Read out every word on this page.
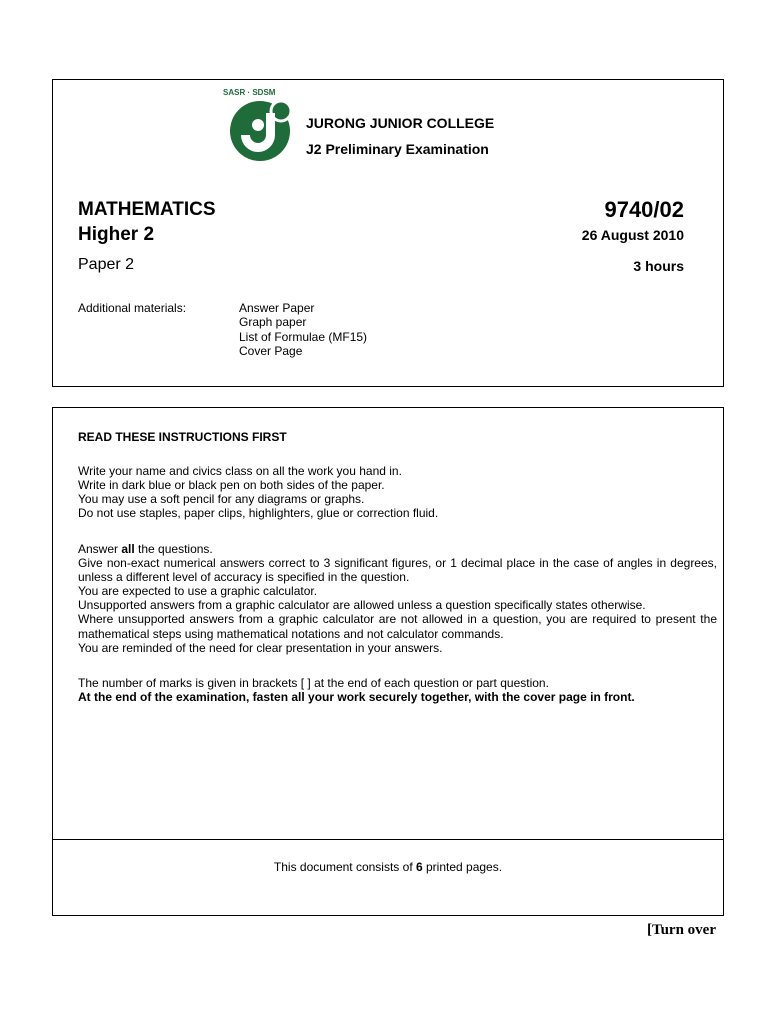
SASR · SDSM
JURONG JUNIOR COLLEGE
J2 Preliminary Examination
MATHEMATICS
Higher 2
Paper 2
9740/02
26 August 2010
3 hours
Additional materials:	Answer Paper
Graph paper
List of Formulae (MF15)
Cover Page
READ THESE INSTRUCTIONS FIRST
Write your name and civics class on all the work you hand in.
Write in dark blue or black pen on both sides of the paper.
You may use a soft pencil for any diagrams or graphs.
Do not use staples, paper clips, highlighters, glue or correction fluid.
Answer all the questions.
Give non-exact numerical answers correct to 3 significant figures, or 1 decimal place in the case of angles in degrees, unless a different level of accuracy is specified in the question.
You are expected to use a graphic calculator.
Unsupported answers from a graphic calculator are allowed unless a question specifically states otherwise.
Where unsupported answers from a graphic calculator are not allowed in a question, you are required to present the mathematical steps using mathematical notations and not calculator commands.
You are reminded of the need for clear presentation in your answers.
The number of marks is given in brackets [ ] at the end of each question or part question.
At the end of the examination, fasten all your work securely together, with the cover page in front.
This document consists of 6 printed pages.
[Turn over
